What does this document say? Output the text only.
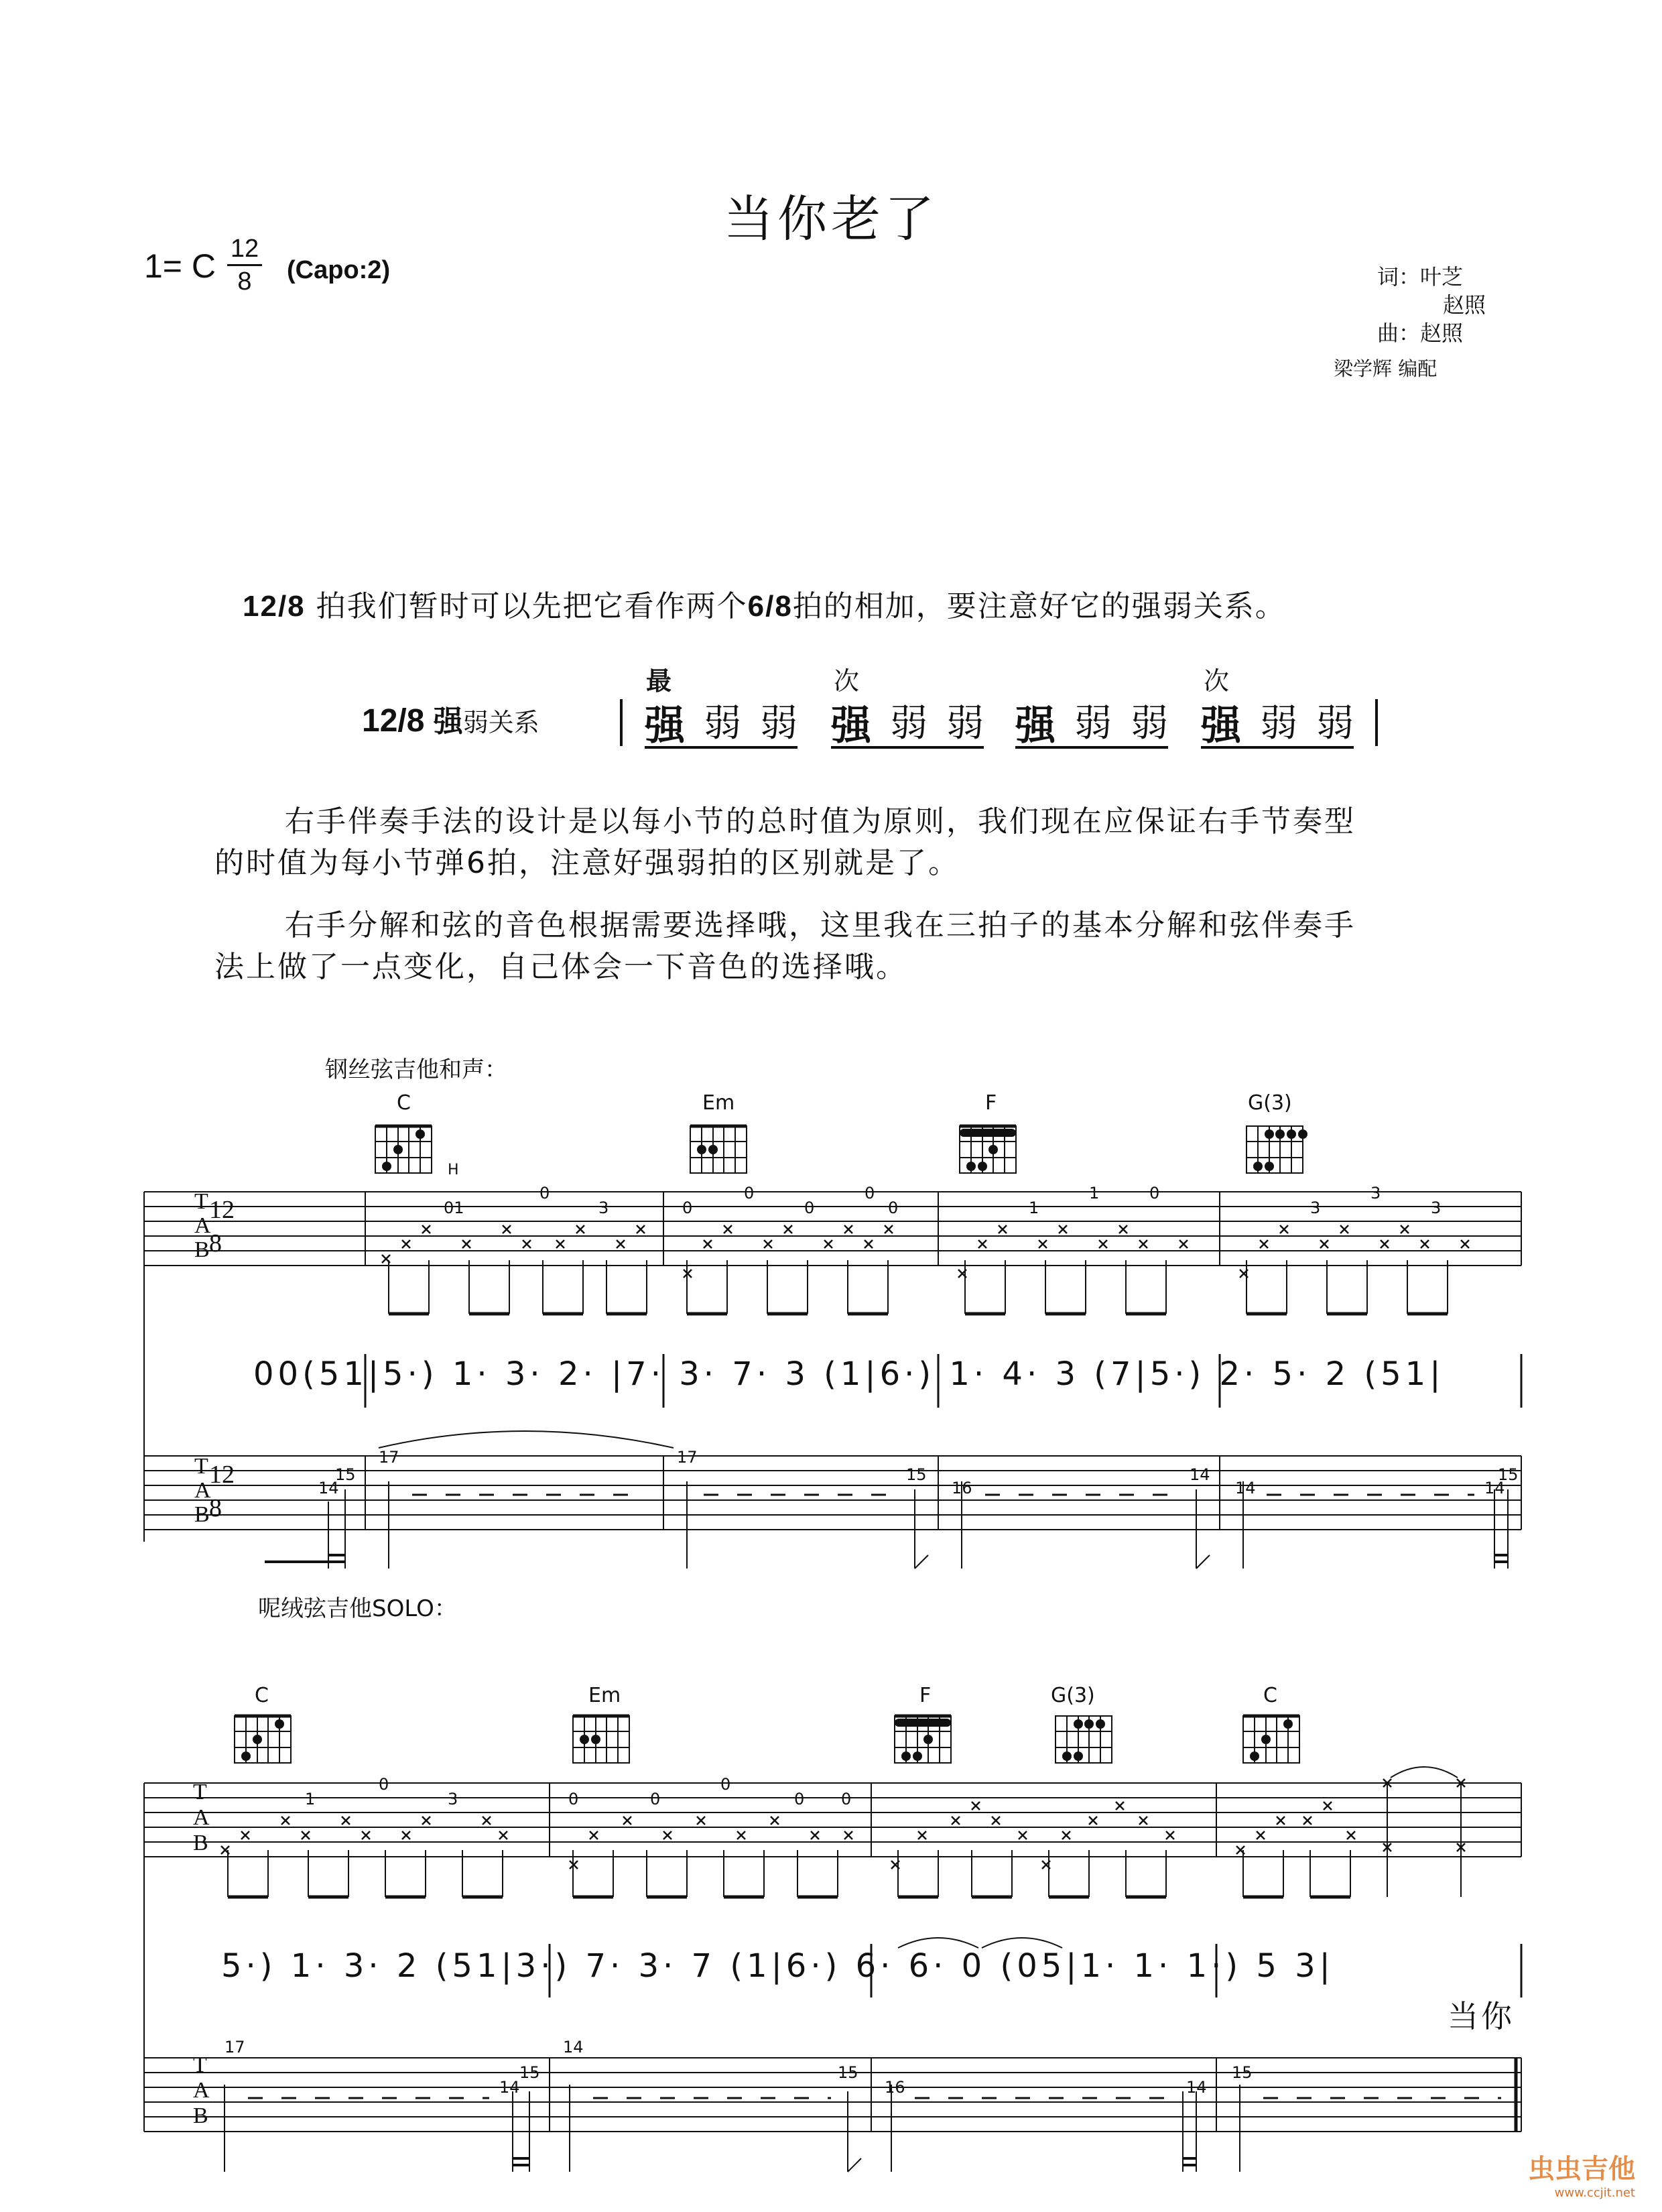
当你老了
1= C 12
8	(Capo:2)	词：叶芝
赵照
曲：赵照
梁学辉 编配
12/8 拍我们暂时可以先把它看作两个6/8拍的相加，要注意好它的强弱关系。
12/8 强弱关系
最
强 弱 弱
次
强 弱 弱 强 弱 弱
次
强 弱 弱
右手伴奏手法的设计是以每小节的总时值为原则，我们现在应保证右手节奏型
的时值为每小节弹6拍，注意好强弱拍的区别就是了。
右手分解和弦的音色根据需要选择哦，这里我在三拍子的基本分解和弦伴奏手
法上做了一点变化，自己体会一下音色的选择哦。
钢丝弦吉他和声：
呢绒弦吉他SOLO：
C	Em	F	G(3)
C	Em	F	G(3)	C
T
A
B
12
8
T
A
B
12
8
T
A
B
T
A
B
H
01
0
3	0
0
0
0
0	1
1	0
3
3
3
00(51|5·) 1· 3· 2· |7· 3· 7· 3 (1|6·) 1· 4· 3 (7|5·) 2· 5· 2 (51|
14
15
17	17
15
16
14
14	14
15
1
0
3	0	0
0
0 0
5·) 1· 3· 2 (51|3·) 7· 3· 7 (1|6·) 6· 6· 0 (05|1· 1· 1·) 5 3|
当你
17
14
15
14
15
16	14
15
虫虫吉他
www.ccjit.net
